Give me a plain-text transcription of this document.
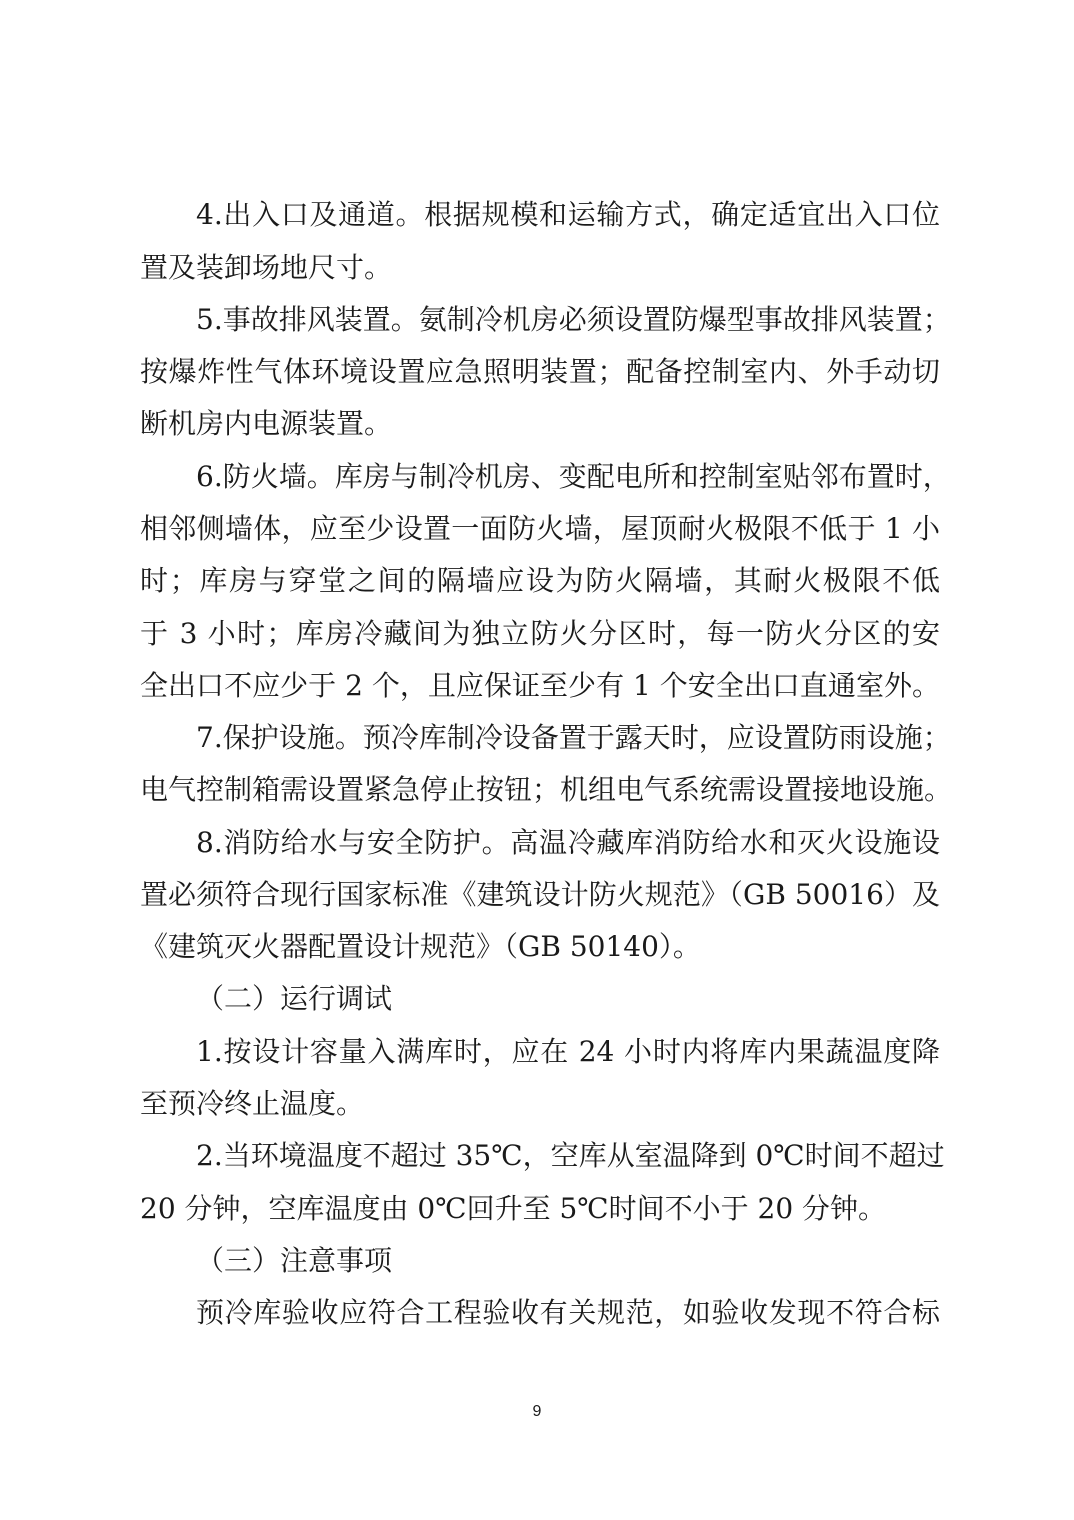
4.出入口及通道。根据规模和运输方式，确定适宜出入口位
置及装卸场地尺寸。
5.事故排风装置。氨制冷机房必须设置防爆型事故排风装置；
按爆炸性气体环境设置应急照明装置；配备控制室内、外手动切
断机房内电源装置。
6.防火墙。库房与制冷机房、变配电所和控制室贴邻布置时，
相邻侧墙体，应至少设置一面防火墙，屋顶耐火极限不低于 1 小
时；库房与穿堂之间的隔墙应设为防火隔墙，其耐火极限不低
于 3 小时；库房冷藏间为独立防火分区时，每一防火分区的安
全出口不应少于 2 个，且应保证至少有 1 个安全出口直通室外。
7.保护设施。预冷库制冷设备置于露天时，应设置防雨设施；
电气控制箱需设置紧急停止按钮；机组电气系统需设置接地设施。
8.消防给水与安全防护。高温冷藏库消防给水和灭火设施设
置必须符合现行国家标准《建筑设计防火规范》（GB 50016）及
《建筑灭火器配置设计规范》（GB 50140）。
（二）运行调试
1.按设计容量入满库时，应在 24 小时内将库内果蔬温度降
至预冷终止温度。
2.当环境温度不超过 35℃，空库从室温降到 0℃时间不超过
20 分钟，空库温度由 0℃回升至 5℃时间不小于 20 分钟。
（三）注意事项
预冷库验收应符合工程验收有关规范，如验收发现不符合标
9
